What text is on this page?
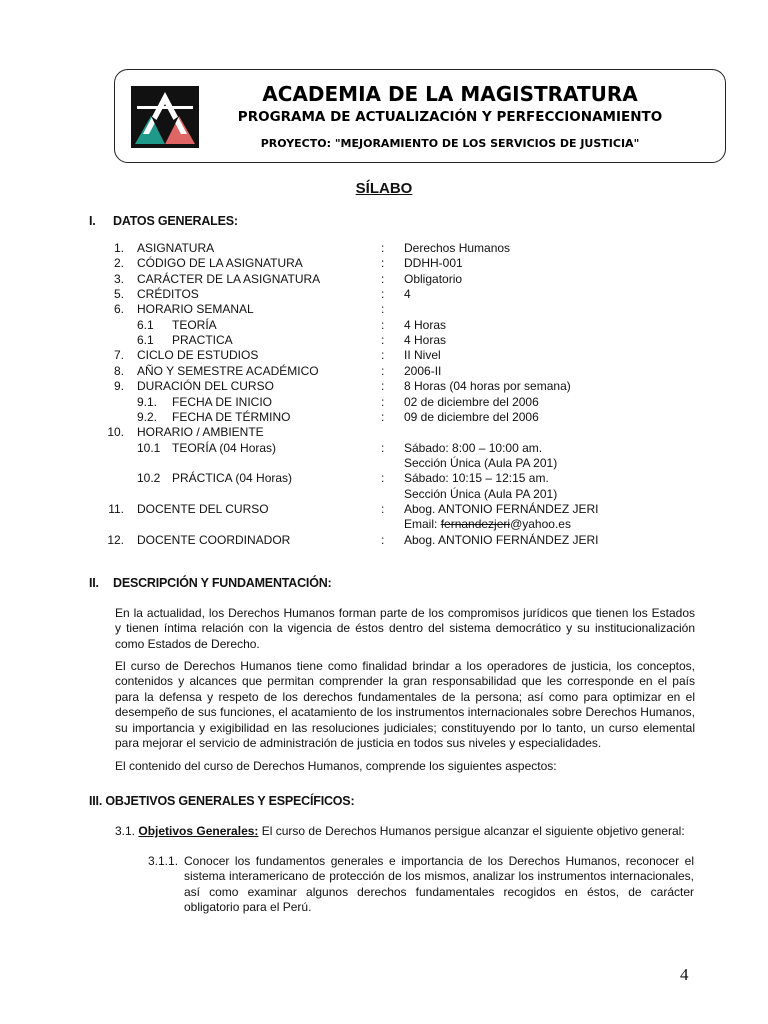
ACADEMIA DE LA MAGISTRATURA
PROGRAMA DE ACTUALIZACIÓN Y PERFECCIONAMIENTO
PROYECTO: "MEJORAMIENTO DE LOS SERVICIOS DE JUSTICIA"
SÍLABO
I. DATOS GENERALES:
1. ASIGNATURA	: Derechos Humanos
2. CÓDIGO DE LA ASIGNATURA	: DDHH-001
3. CARÁCTER DE LA ASIGNATURA	: Obligatorio
5. CRÉDITOS	: 4
6. HORARIO SEMANAL	:
6.1 TEORÍA	: 4 Horas
6.1 PRACTICA	: 4 Horas
7. CICLO DE ESTUDIOS	: II Nivel
8. AÑO Y SEMESTRE ACADÉMICO	: 2006-II
9. DURACIÓN DEL CURSO	: 8 Horas (04 horas por semana)
9.1. FECHA DE INICIO	: 02 de diciembre del 2006
9.2. FECHA DE TÉRMINO	: 09 de diciembre del 2006
10. HORARIO / AMBIENTE
10.1 TEORÍA (04 Horas)	: Sábado: 8:00 – 10:00 am.
Sección Única (Aula PA 201)
10.2 PRÁCTICA (04 Horas)	: Sábado: 10:15 – 12:15 am.
Sección Única (Aula PA 201)
11. DOCENTE DEL CURSO	: Abog. ANTONIO FERNÁNDEZ JERI
Email: fernandezjeri@yahoo.es
12. DOCENTE COORDINADOR	: Abog. ANTONIO FERNÁNDEZ JERI
II. DESCRIPCIÓN Y FUNDAMENTACIÓN:
En la actualidad, los Derechos Humanos forman parte de los compromisos jurídicos que tienen los Estados y tienen íntima relación con la vigencia de éstos dentro del sistema democrático y su institucionalización como Estados de Derecho.
El curso de Derechos Humanos tiene como finalidad brindar a los operadores de justicia, los conceptos, contenidos y alcances que permitan comprender la gran responsabilidad que les corresponde en el país para la defensa y respeto de los derechos fundamentales de la persona; así como para optimizar en el desempeño de sus funciones, el acatamiento de los instrumentos internacionales sobre Derechos Humanos, su importancia y exigibilidad en las resoluciones judiciales; constituyendo por lo tanto, un curso elemental para mejorar el servicio de administración de justicia en todos sus niveles y especialidades.
El contenido del curso de Derechos Humanos, comprende los siguientes aspectos:
III. OBJETIVOS GENERALES Y ESPECÍFICOS:
3.1. Objetivos Generales: El curso de Derechos Humanos persigue alcanzar el siguiente objetivo general:
3.1.1. Conocer los fundamentos generales e importancia de los Derechos Humanos, reconocer el sistema interamericano de protección de los mismos, analizar los instrumentos internacionales, así como examinar algunos derechos fundamentales recogidos en éstos, de carácter obligatorio para el Perú.
4
